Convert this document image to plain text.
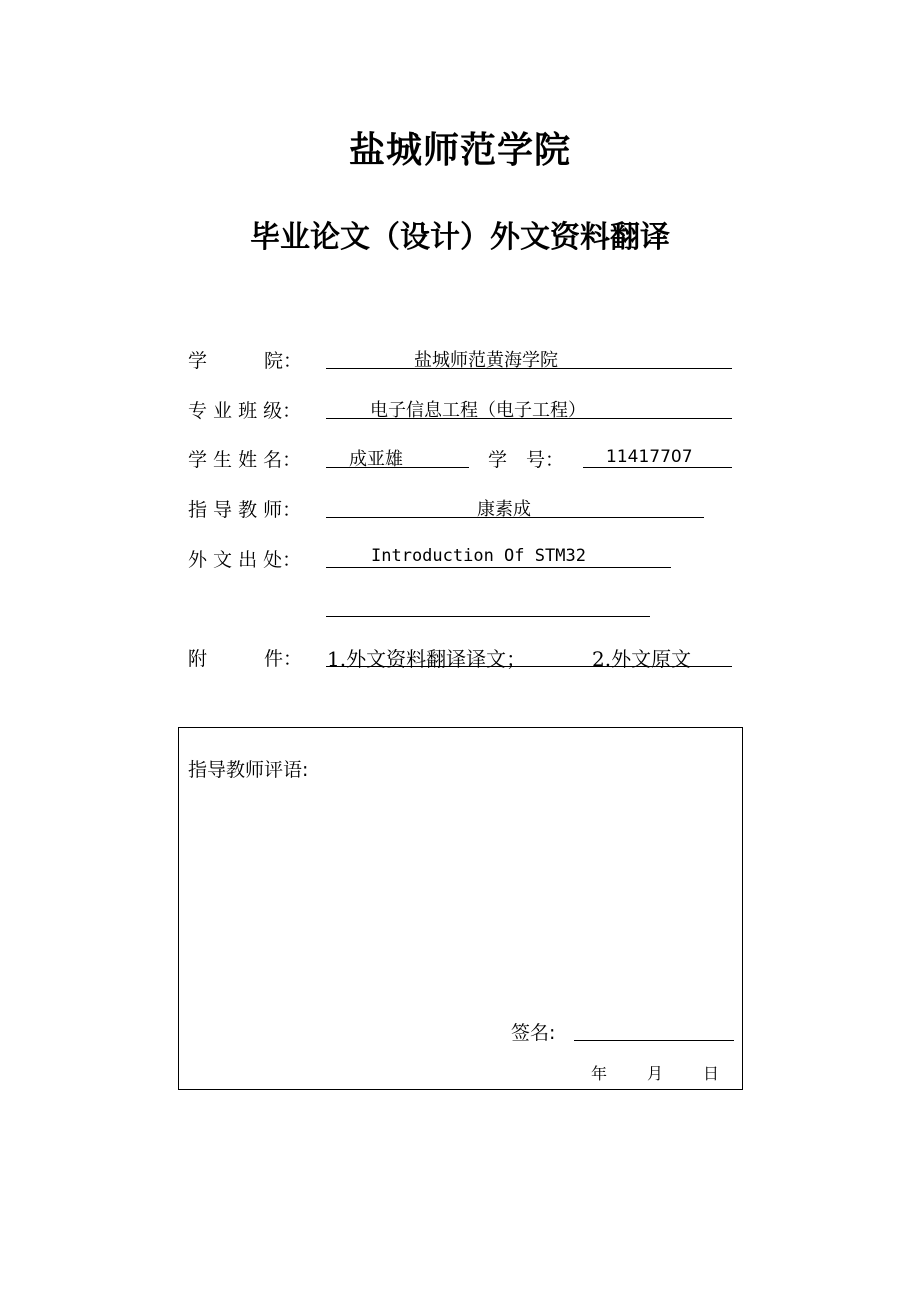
盐城师范学院
毕业论文（设计）外文资料翻译
学　　　院：	盐城师范黄海学院
专 业 班 级：	电子信息工程（电子工程）
学 生 姓 名：	成亚雄	学　号： 11417707
指 导 教 师：	康素成
外 文 出 处：	Introduction Of STM32
附　　　件： 1.外文资料翻译译文；	2.外文原文
指导教师评语:
签名:
年 月 日
